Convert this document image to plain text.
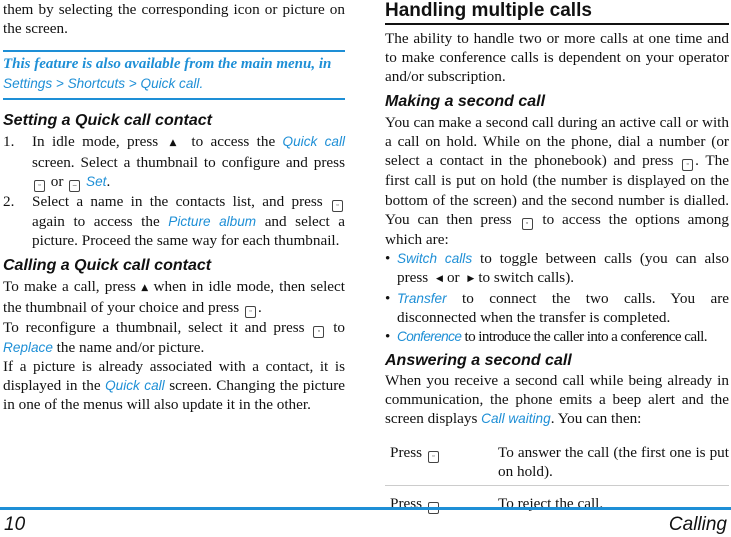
them by selecting the corresponding icon or picture on the screen.

This feature is also available from the main menu, in
Settings > Shortcuts > Quick call.
Setting a Quick call contact
1. In idle mode, press ▲ to access the Quick call screen. Select a thumbnail to configure and press ▫ or – Set.
2. Select a name in the contacts list, and press ▫ again to access the Picture album and select a picture. Proceed the same way for each thumbnail.
Calling a Quick call contact

To make a call, press ▲ when in idle mode, then select the thumbnail of your choice and press ▫ .

To reconfigure a thumbnail, select it and press ▫ to Replace the name and/or picture.

If a picture is already associated with a contact, it is displayed in the Quick call screen. Changing the picture in one of the menus will also update it in the other.

Handling multiple calls

The ability to handle two or more calls at one time and to make conference calls is dependent on your operator and/or subscription.

Making a second call

You can make a second call during an active call or with a call on hold. While on the phone, dial a number (or select a contact in the phonebook) and press ▫ . The first call is put on hold (the number is displayed on the bottom of the screen) and the second number is dialled. You can then press ▫ to access the options among which are:

• Switch calls to toggle between calls (you can also press ◀ or ▶ to switch calls).
• Transfer to connect the two calls. You are disconnected when the transfer is completed.
• Conference to introduce the caller into a conference call.
Answering a second call

When you receive a second call while being already in communication, the phone emits a beep alert and the screen displays Call waiting. You can then:

Press ▫	To answer the call (the first one is put on hold).
Press ⌄	To reject the call.
10	Calling
